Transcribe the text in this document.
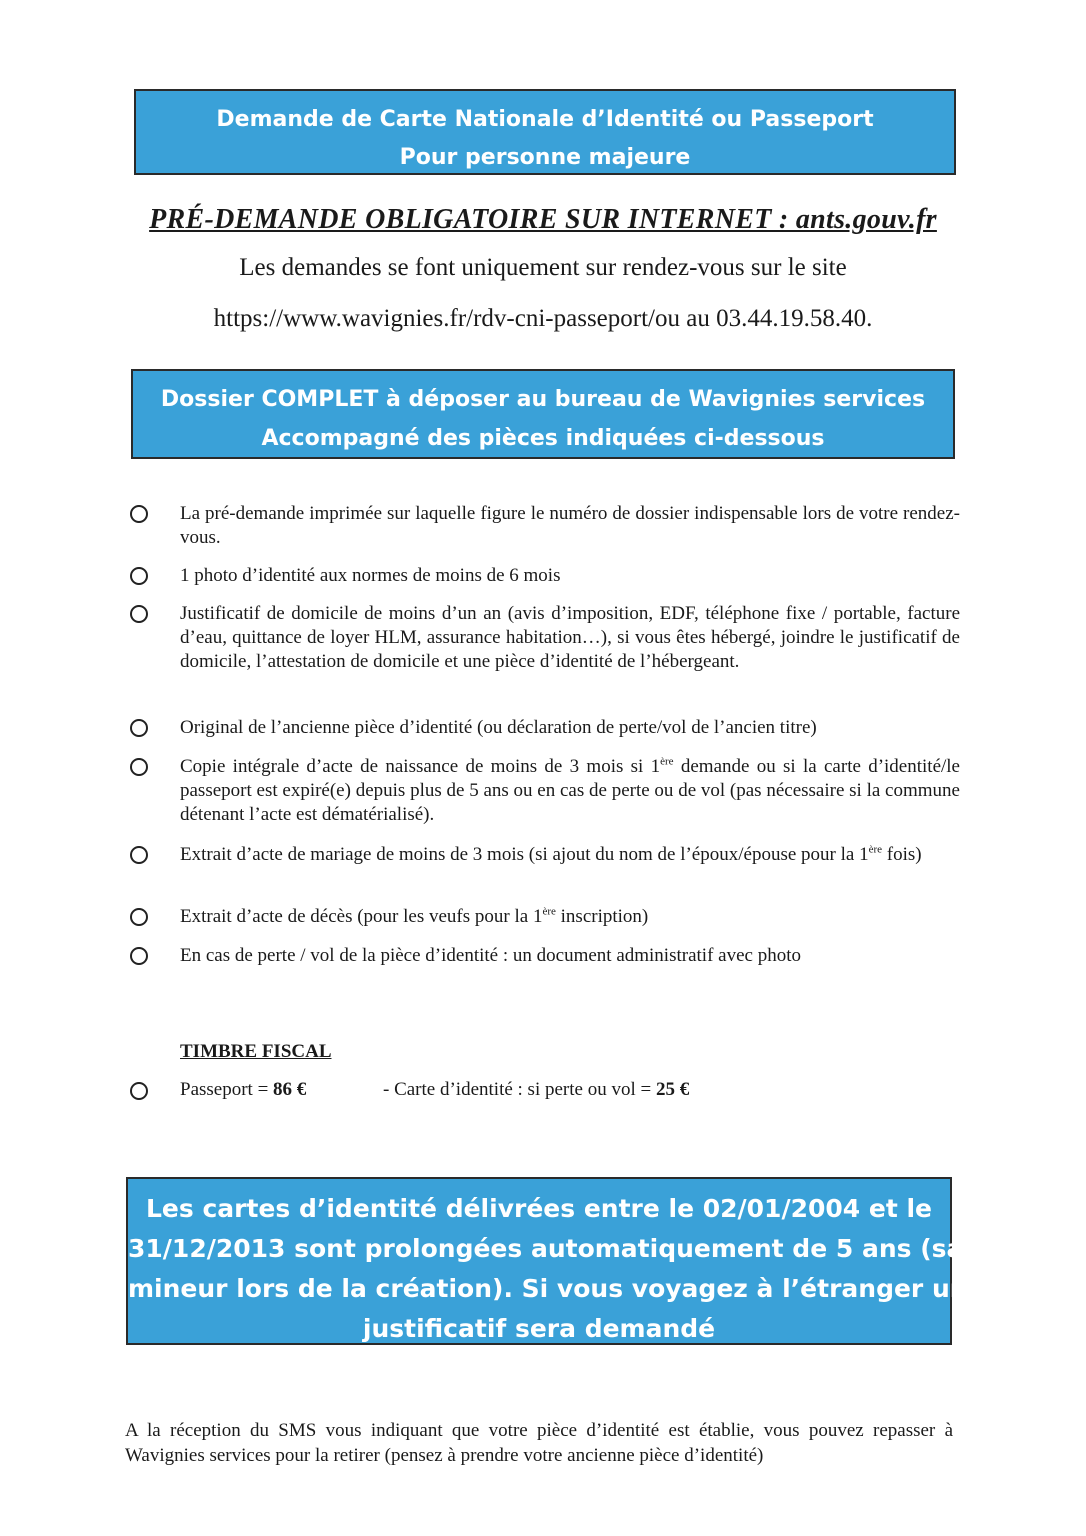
Demande de Carte Nationale d’Identité ou Passeport
Pour personne majeure
PRÉ-DEMANDE OBLIGATOIRE SUR INTERNET : ants.gouv.fr
Les demandes se font uniquement sur rendez-vous sur le site
https://www.wavignies.fr/rdv-cni-passeport/ou au 03.44.19.58.40.
Dossier COMPLET à déposer au bureau de Wavignies services
Accompagné des pièces indiquées ci-dessous
La pré-demande imprimée sur laquelle figure le numéro de dossier indispensable lors de votre rendez-vous.
1 photo d’identité aux normes de moins de 6 mois
Justificatif de domicile de moins d’un an (avis d’imposition, EDF, téléphone fixe / portable, facture d’eau, quittance de loyer HLM, assurance habitation…), si vous êtes hébergé, joindre le justificatif de domicile, l’attestation de domicile et une pièce d’identité de l’hébergeant.
Original de l’ancienne pièce d’identité (ou déclaration de perte/vol de l’ancien titre)
Copie intégrale d’acte de naissance de moins de 3 mois si 1ère demande ou si la carte d’identité/le passeport est expiré(e) depuis plus de 5 ans ou en cas de perte ou de vol (pas nécessaire si la commune détenant l’acte est dématérialisé).
Extrait d’acte de mariage de moins de 3 mois (si ajout du nom de l’époux/épouse pour la 1ère fois)
Extrait d’acte de décès (pour les veufs pour la 1ère inscription)
En cas de perte / vol de la pièce d’identité : un document administratif avec photo
TIMBRE FISCAL
Passeport = 86 €	- Carte d’identité : si perte ou vol = 25 €
Les cartes d’identité délivrées entre le 02/01/2004 et le
31/12/2013 sont prolongées automatiquement de 5 ans (sauf si
mineur lors de la création). Si vous voyagez à l’étranger un
justificatif sera demandé
A la réception du SMS vous indiquant que votre pièce d’identité est établie, vous pouvez repasser à Wavignies services pour la retirer (pensez à prendre votre ancienne pièce d’identité)
